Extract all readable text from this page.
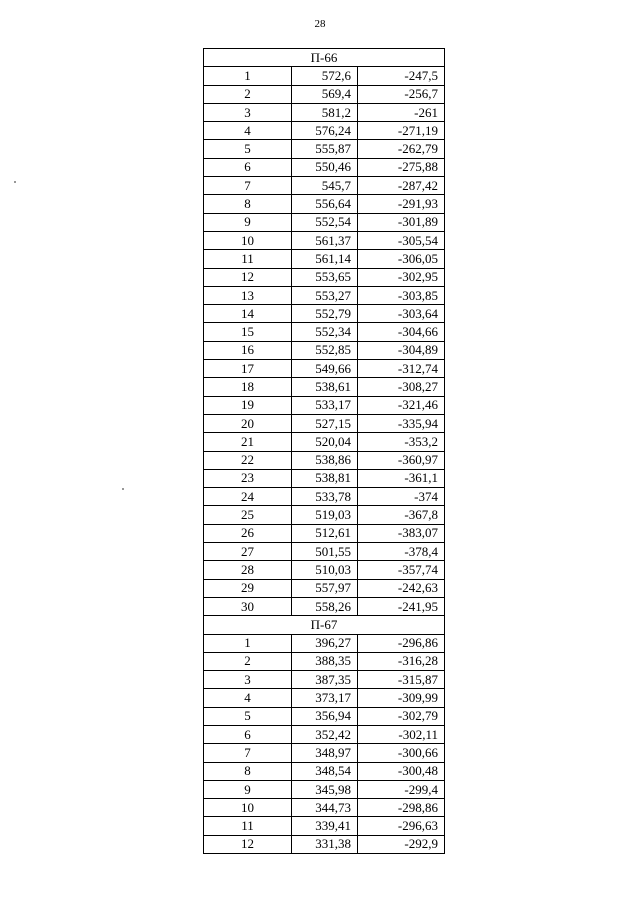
28
П-66		
1	572,6	-247,5
2	569,4	-256,7
3	581,2	-261
4	576,24	-271,19
5	555,87	-262,79
6	550,46	-275,88
7	545,7	-287,42
8	556,64	-291,93
9	552,54	-301,89
10	561,37	-305,54
11	561,14	-306,05
12	553,65	-302,95
13	553,27	-303,85
14	552,79	-303,64
15	552,34	-304,66
16	552,85	-304,89
17	549,66	-312,74
18	538,61	-308,27
19	533,17	-321,46
20	527,15	-335,94
21	520,04	-353,2
22	538,86	-360,97
23	538,81	-361,1
24	533,78	-374
25	519,03	-367,8
26	512,61	-383,07
27	501,55	-378,4
28	510,03	-357,74
29	557,97	-242,63
30	558,26	-241,95
П-67		
1	396,27	-296,86
2	388,35	-316,28
3	387,35	-315,87
4	373,17	-309,99
5	356,94	-302,79
6	352,42	-302,11
7	348,97	-300,66
8	348,54	-300,48
9	345,98	-299,4
10	344,73	-298,86
11	339,41	-296,63
12	331,38	-292,9
